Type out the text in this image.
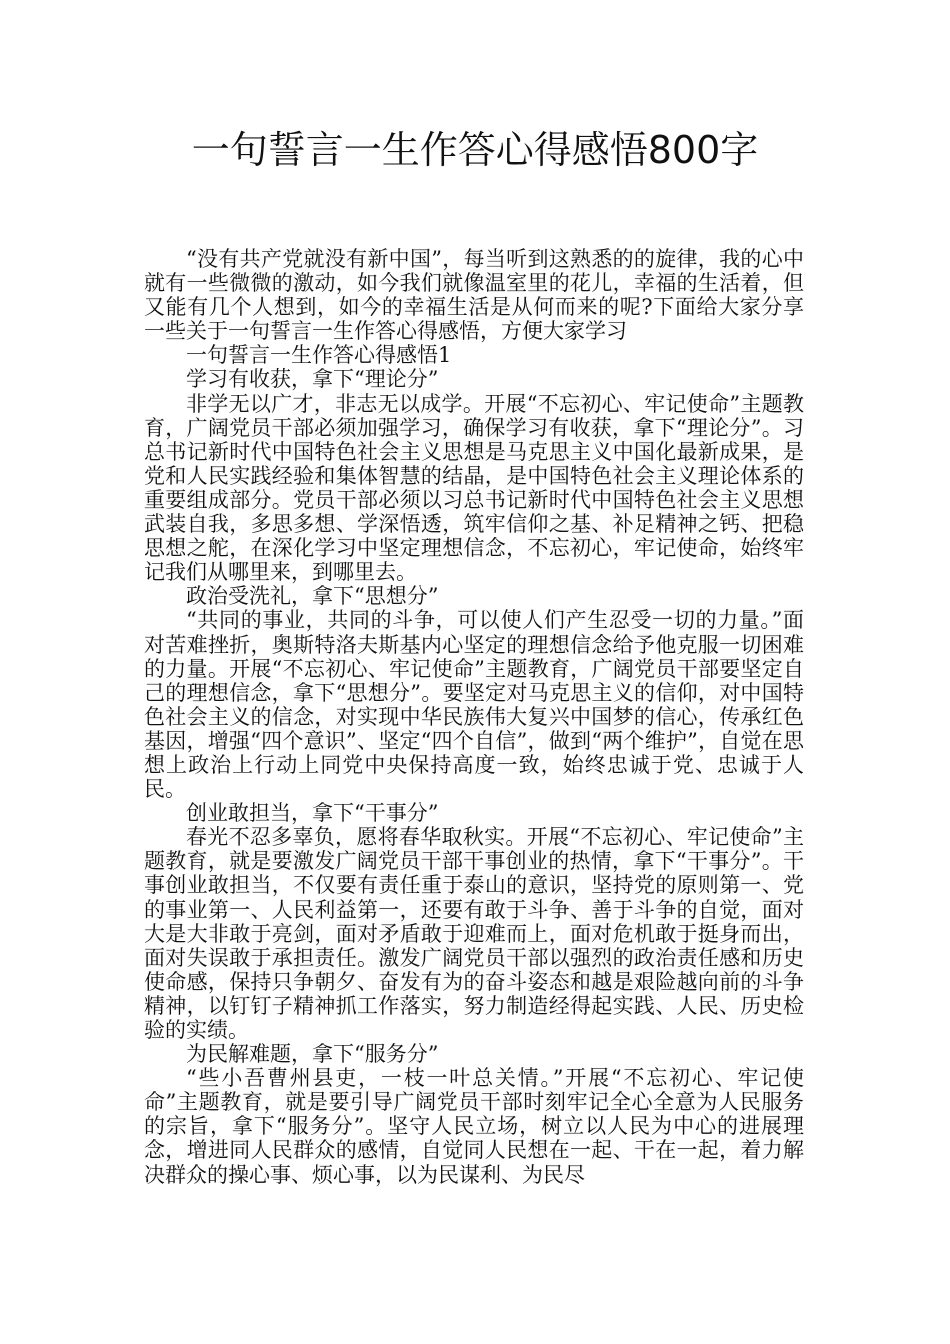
一句誓言一生作答心得感悟800字

“没有共产党就没有新中国”，每当听到这熟悉的的旋律，我的心中就有一些微微的激动，如今我们就像温室里的花儿，幸福的生活着，但又能有几个人想到，如今的幸福生活是从何而来的呢?下面给大家分享一些关于一句誓言一生作答心得感悟，方便大家学习

一句誓言一生作答心得感悟1

学习有收获，拿下“理论分”

非学无以广才，非志无以成学。开展“不忘初心、牢记使命”主题教育，广阔党员干部必须加强学习，确保学习有收获，拿下“理论分”。习总书记新时代中国特色社会主义思想是马克思主义中国化最新成果，是党和人民实践经验和集体智慧的结晶，是中国特色社会主义理论体系的重要组成部分。党员干部必须以习总书记新时代中国特色社会主义思想武装自我，多思多想、学深悟透，筑牢信仰之基、补足精神之钙、把稳思想之舵，在深化学习中坚定理想信念，不忘初心，牢记使命，始终牢记我们从哪里来，到哪里去。

政治受洗礼，拿下“思想分”

“共同的事业，共同的斗争，可以使人们产生忍受一切的力量。”面对苦难挫折，奥斯特洛夫斯基内心坚定的理想信念给予他克服一切困难的力量。开展“不忘初心、牢记使命”主题教育，广阔党员干部要坚定自己的理想信念，拿下“思想分”。要坚定对马克思主义的信仰，对中国特色社会主义的信念，对实现中华民族伟大复兴中国梦的信心，传承红色基因，增强“四个意识”、坚定“四个自信”，做到“两个维护”，自觉在思想上政治上行动上同党中央保持高度一致，始终忠诚于党、忠诚于人民。

创业敢担当，拿下“干事分”

春光不忍多辜负，愿将春华取秋实。开展“不忘初心、牢记使命”主题教育，就是要激发广阔党员干部干事创业的热情，拿下“干事分”。干事创业敢担当，不仅要有责任重于泰山的意识，坚持党的原则第一、党的事业第一、人民利益第一，还要有敢于斗争、善于斗争的自觉，面对大是大非敢于亮剑，面对矛盾敢于迎难而上，面对危机敢于挺身而出，面对失误敢于承担责任。激发广阔党员干部以强烈的政治责任感和历史使命感，保持只争朝夕、奋发有为的奋斗姿态和越是艰险越向前的斗争精神，以钉钉子精神抓工作落实，努力制造经得起实践、人民、历史检验的实绩。

为民解难题，拿下“服务分”

“些小吾曹州县吏，一枝一叶总关情。”开展“不忘初心、牢记使命”主题教育，就是要引导广阔党员干部时刻牢记全心全意为人民服务的宗旨，拿下“服务分”。坚守人民立场，树立以人民为中心的进展理念，增进同人民群众的感情，自觉同人民想在一起、干在一起，着力解决群众的操心事、烦心事，以为民谋利、为民尽
